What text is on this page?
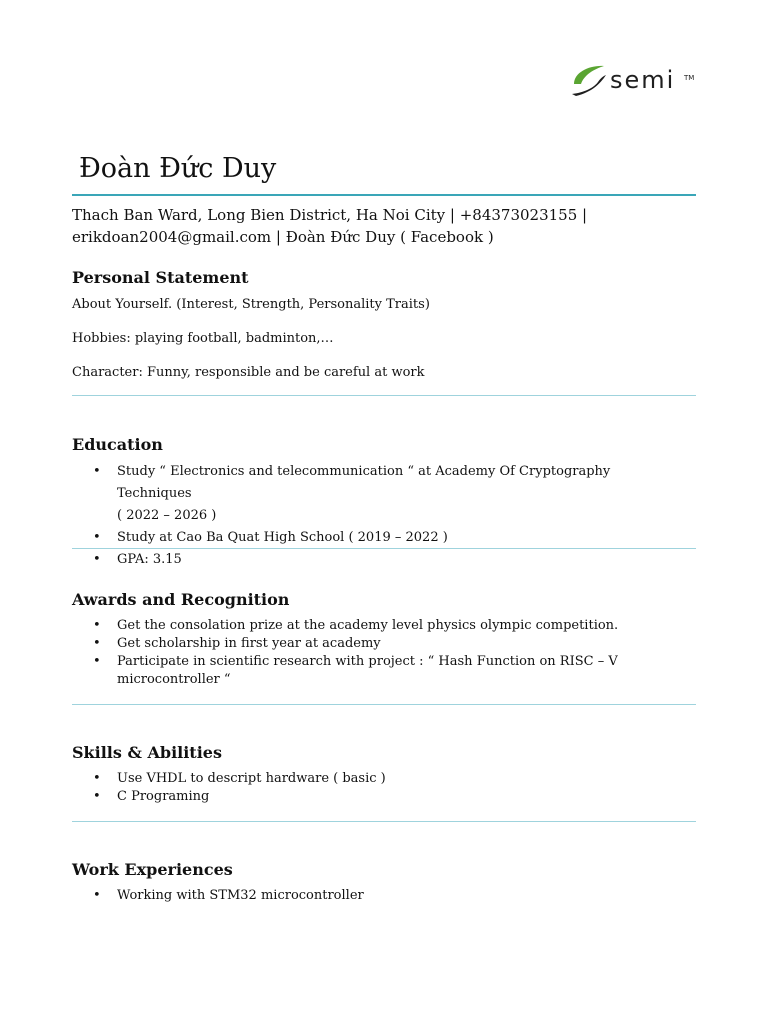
semi TM
Đoàn Đức Duy
Thach Ban Ward, Long Bien District, Ha Noi City | +84373023155 | erikdoan2004@gmail.com | Đoàn Đức Duy ( Facebook )
Personal Statement
About Yourself. (Interest, Strength, Personality Traits)
Hobbies: playing football, badminton,…
Character: Funny, responsible and be careful at work
Education
• Study “ Electronics and telecommunication “ at Academy Of Cryptography Techniques
( 2022 – 2026 )
• Study at Cao Ba Quat High School ( 2019 – 2022 )
• GPA: 3.15
Awards and Recognition
• Get the consolation prize at the academy level physics olympic competition.
• Get scholarship in first year at academy
• Participate in scientific research with project : “ Hash Function on RISC – V
microcontroller “
Skills & Abilities
• Use VHDL to descript hardware ( basic )
• C Programing
Work Experiences
• Working with STM32 microcontroller
